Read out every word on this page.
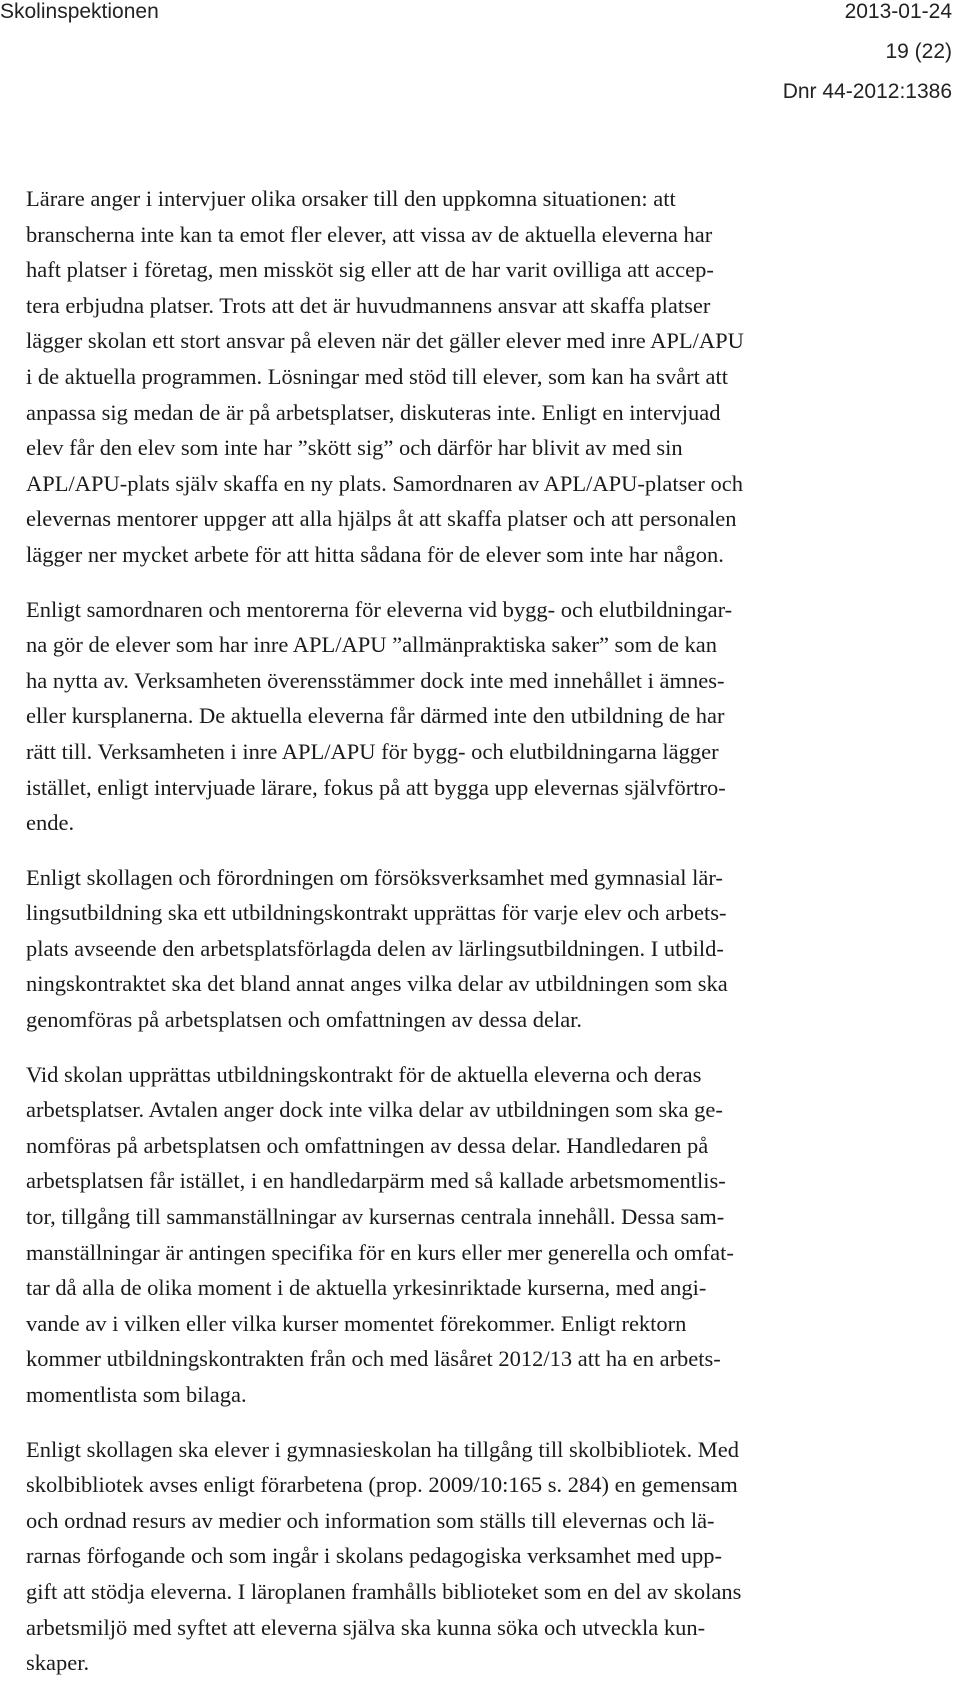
Skolinspektionen	2013-01-24
19 (22)
Dnr 44-2012:1386
Lärare anger i intervjuer olika orsaker till den uppkomna situationen: att
branscherna inte kan ta emot fler elever, att vissa av de aktuella eleverna har
haft platser i företag, men missköt sig eller att de har varit ovilliga att accep-
tera erbjudna platser. Trots att det är huvudmannens ansvar att skaffa platser
lägger skolan ett stort ansvar på eleven när det gäller elever med inre APL/APU
i de aktuella programmen. Lösningar med stöd till elever, som kan ha svårt att
anpassa sig medan de är på arbetsplatser, diskuteras inte. Enligt en intervjuad
elev får den elev som inte har ”skött sig” och därför har blivit av med sin
APL/APU-plats själv skaffa en ny plats. Samordnaren av APL/APU-platser och
elevernas mentorer uppger att alla hjälps åt att skaffa platser och att personalen
lägger ner mycket arbete för att hitta sådana för de elever som inte har någon.
Enligt samordnaren och mentorerna för eleverna vid bygg- och elutbildningar-
na gör de elever som har inre APL/APU ”allmänpraktiska saker” som de kan
ha nytta av. Verksamheten överensstämmer dock inte med innehållet i ämnes-
eller kursplanerna. De aktuella eleverna får därmed inte den utbildning de har
rätt till. Verksamheten i inre APL/APU för bygg- och elutbildningarna lägger
istället, enligt intervjuade lärare, fokus på att bygga upp elevernas självförtro-
ende.
Enligt skollagen och förordningen om försöksverksamhet med gymnasial lär-
lingsutbildning ska ett utbildningskontrakt upprättas för varje elev och arbets-
plats avseende den arbetsplatsförlagda delen av lärlingsutbildningen. I utbild-
ningskontraktet ska det bland annat anges vilka delar av utbildningen som ska
genomföras på arbetsplatsen och omfattningen av dessa delar.
Vid skolan upprättas utbildningskontrakt för de aktuella eleverna och deras
arbetsplatser. Avtalen anger dock inte vilka delar av utbildningen som ska ge-
nomföras på arbetsplatsen och omfattningen av dessa delar. Handledaren på
arbetsplatsen får istället, i en handledarpärm med så kallade arbetsmomentlis-
tor, tillgång till sammanställningar av kursernas centrala innehåll. Dessa sam-
manställningar är antingen specifika för en kurs eller mer generella och omfat-
tar då alla de olika moment i de aktuella yrkesinriktade kurserna, med angi-
vande av i vilken eller vilka kurser momentet förekommer. Enligt rektorn
kommer utbildningskontrakten från och med läsåret 2012/13 att ha en arbets-
momentlista som bilaga.
Enligt skollagen ska elever i gymnasieskolan ha tillgång till skolbibliotek. Med
skolbibliotek avses enligt förarbetena (prop. 2009/10:165 s. 284) en gemensam
och ordnad resurs av medier och information som ställs till elevernas och lä-
rarnas förfogande och som ingår i skolans pedagogiska verksamhet med upp-
gift att stödja eleverna. I läroplanen framhålls biblioteket som en del av skolans
arbetsmiljö med syftet att eleverna själva ska kunna söka och utveckla kun-
skaper.
